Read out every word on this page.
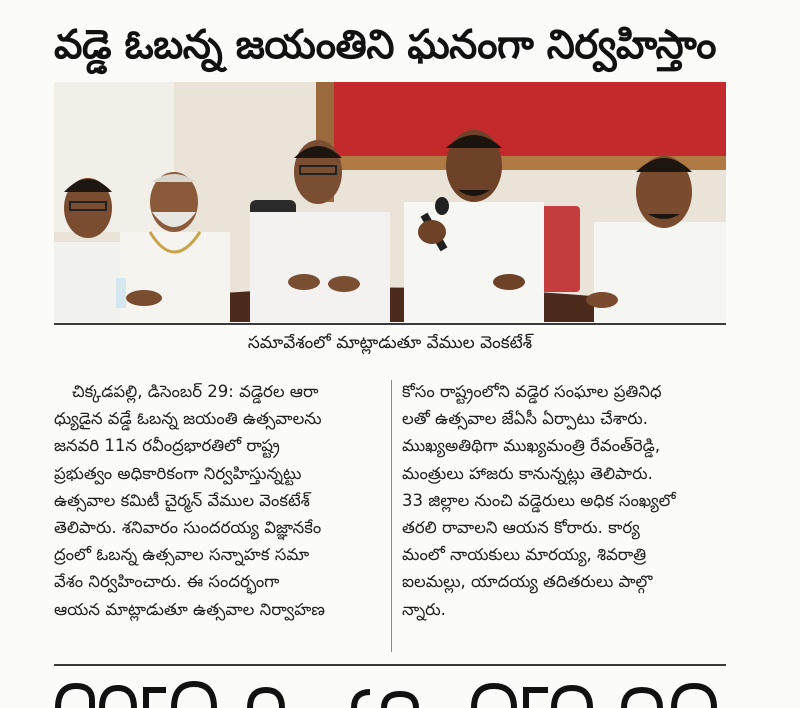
వడ్డె ఓబన్న జయంతిని ఘనంగా నిర్వహిస్తాం
సమావేశంలో మాట్లాడుతూ వేముల వెంకటేశ్

చిక్కడపల్లి, డిసెంబర్ 29: వడ్డెరల ఆరా

ధ్యుడైన వడ్డే ఓబన్న జయంతి ఉత్సవాలను

జనవరి 11న రవీంద్రభారతిలో రాష్ట్ర

ప్రభుత్వం అధికారికంగా నిర్వహిస్తున్నట్టు

ఉత్సవాల కమిటీ చైర్మన్ వేముల వెంకటేశ్

తెలిపారు. శనివారం సుందరయ్య విజ్ఞానకేం

ద్రంలో ఓబన్న ఉత్సవాల సన్నాహక సమా

వేశం నిర్వహించారు. ఈ సందర్భంగా

ఆయన మాట్లాడుతూ ఉత్సవాల నిర్వాహణ

కోసం రాష్ట్రంలోని వడ్డెర సంఘాల ప్రతినిధ

లతో ఉత్సవాల జేఏసీ ఏర్పాటు చేశారు.

ముఖ్యఅతిథిగా ముఖ్యమంత్రి రేవంత్‌రెడ్డి,

మంత్రులు హాజరు కానున్నట్లు తెలిపారు.

33 జిల్లాల నుంచి వడ్డెరులు అధిక సంఖ్యలో

తరలి రావాలని ఆయన కోరారు. కార్య

మంలో నాయకులు మారయ్య, శివరాత్రి

ఐలమల్లు, యాదయ్య తదితరులు పాల్గొ

న్నారు.
